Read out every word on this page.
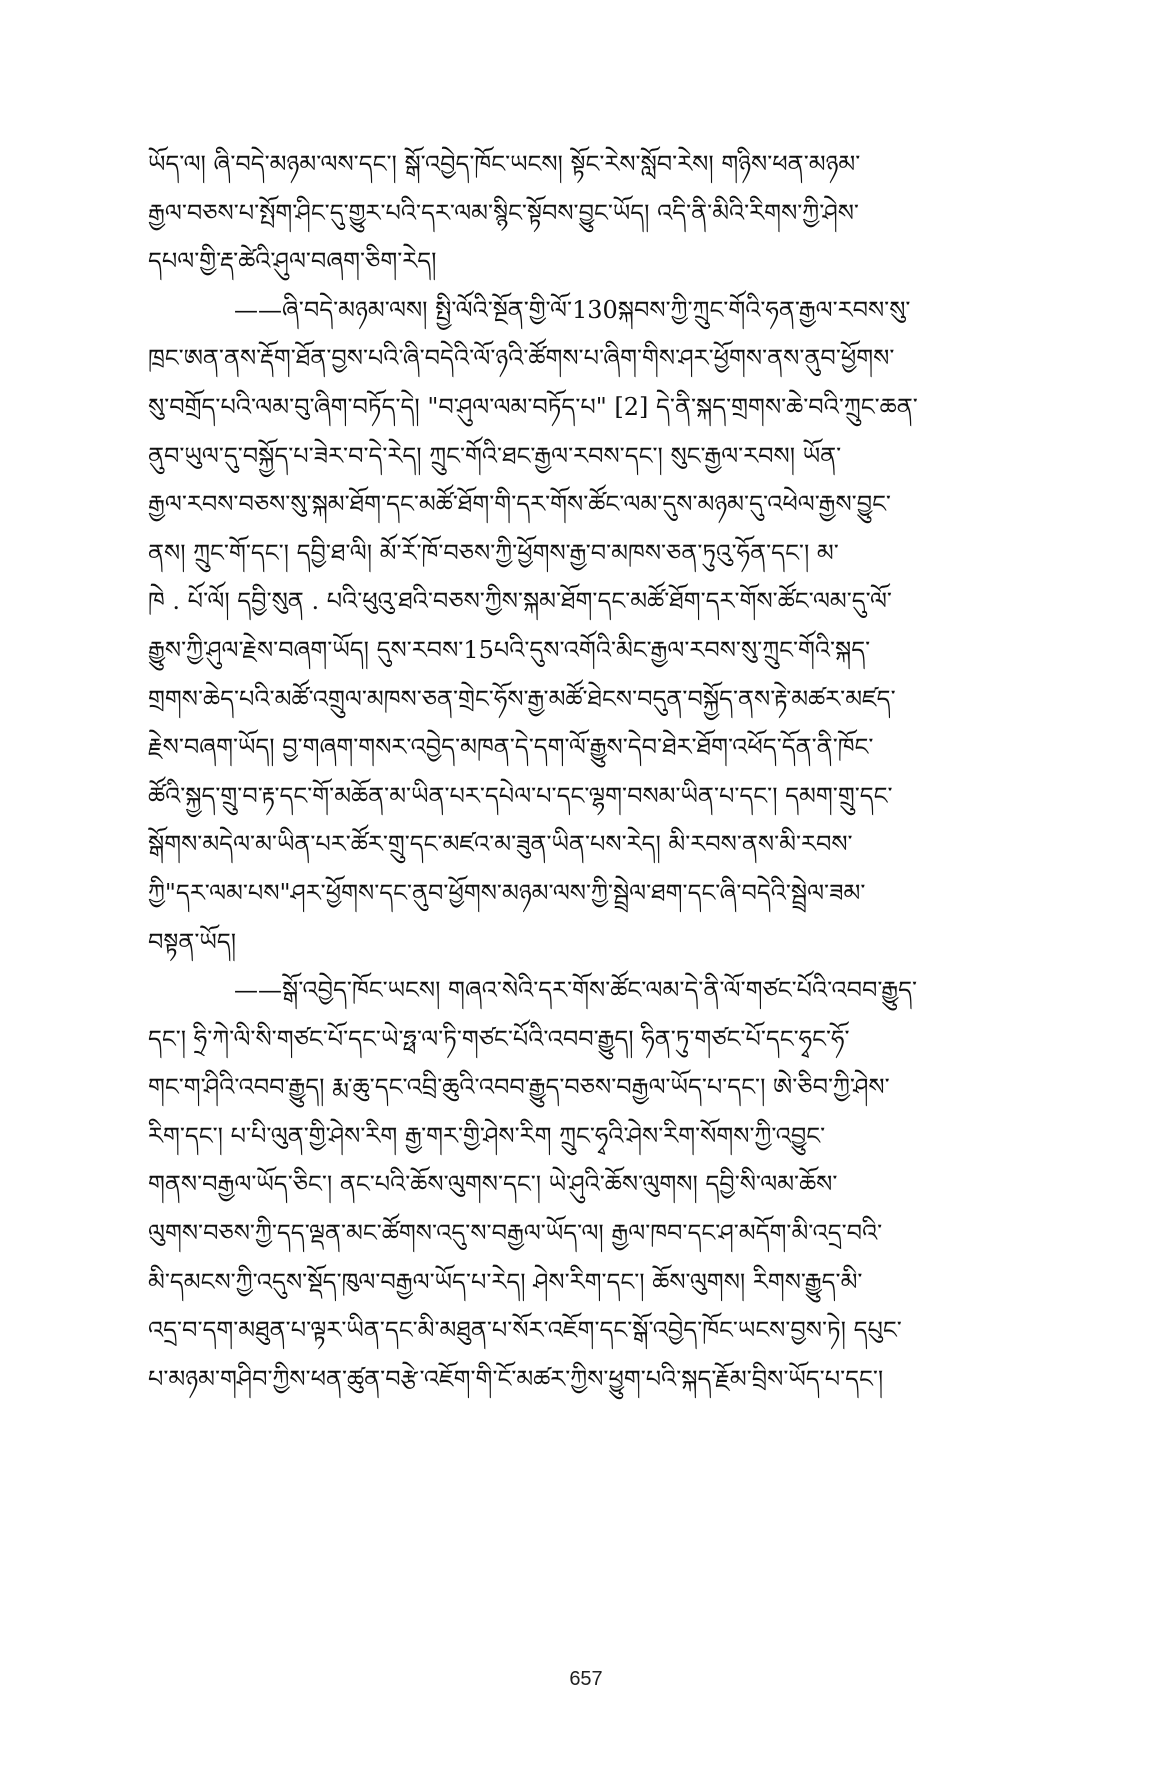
ཡོད་ལ། ཞི་བདེ་མཉམ་ལས་དང་། སྒོ་འབྱེད་ཁོང་ཡངས། སྟོང་རེས་སློབ་རེས། གཉིས་ཕན་མཉམ་
རྒྱལ་བཅས་པ་སྤོག་ཤིང་དུ་གྱུར་པའི་དར་ལམ་སྙིང་སྟོབས་བྱུང་ཡོད། འདི་ནི་མིའི་རིགས་ཀྱི་ཤེས་
དཔལ་གྱི་རྡ་ཚེའི་ཤུལ་བཞག་ཅིག་རེད།
——ཞི་བདེ་མཉམ་ལས། སྤྱི་ལོའི་སྔོན་གྱི་ལོ་130སྐབས་ཀྱི་ཀྲུང་གོའི་ཧན་རྒྱལ་རབས་སུ་
ཁྲང་ཨན་ནས་རྡོག་ཐོན་བྱས་པའི་ཞི་བདེའི་ལོ་ཉའི་ཚོགས་པ་ཞིག་གིས་ཤར་ཕྱོགས་ནས་ནུབ་ཕྱོགས་
སུ་བགྲོད་པའི་ལམ་བུ་ཞིག་བཏོད་དེ། "བ་ཤུལ་ལམ་བཏོད་པ" [2] དེ་ནི་སྐད་གྲགས་ཆེ་བའི་ཀྲུང་ཆན་
ནུབ་ཡུལ་དུ་བསྐྱོད་པ་ཟེར་བ་དེ་རེད། ཀྲུང་གོའི་ཐང་རྒྱལ་རབས་དང་། སུང་རྒྱལ་རབས། ཡོན་
རྒྱལ་རབས་བཅས་སུ་སྐམ་ཐོག་དང་མཚོ་ཐོག་གི་དར་གོས་ཚོང་ལམ་དུས་མཉམ་དུ་འཕེལ་རྒྱས་བྱུང་
ནས། ཀྲུང་གོ་དང་། དབྱི་ཐ་ལི། མོ་རོ་ཁོ་བཅས་ཀྱི་ཕྱོགས་རྒྱ་བ་མཁས་ཅན་ཏུའུ་ཧོན་དང་། མ་
ཁེ . པོ་ལོ། དབྱི་སུན . པའི་ཕུའུ་ཐའི་བཅས་ཀྱིས་སྐམ་ཐོག་དང་མཚོ་ཐོག་དར་གོས་ཚོང་ལམ་དུ་ལོ་
རྒྱུས་ཀྱི་ཤུལ་རྗེས་བཞག་ཡོད། དུས་རབས་15པའི་དུས་འགོའི་མིང་རྒྱལ་རབས་སུ་ཀྲུང་གོའི་སྐད་
གྲགས་ཆེད་པའི་མཚོ་འགྲུལ་མཁས་ཅན་གྲེང་ཧོས་རྒྱ་མཚོ་ཐེངས་བདུན་བསྐྱོད་ནས་རྟེ་མཚར་མཛད་
རྗེས་བཞག་ཡོད། བྱ་གཞག་གསར་འབྱེད་མཁན་དེ་དག་ལོ་རྒྱུས་དེབ་ཐེར་ཐོག་འཕོད་དོན་ནི་ཁོང་
ཚོའི་སྐྱད་གྲུ་བ་རྟ་དང་གོ་མཆོན་མ་ཡིན་པར་དཔེལ་པ་དང་ལྷག་བསམ་ཡིན་པ་དང་། དམག་གྲུ་དང་
སྒོགས་མདེལ་མ་ཡིན་པར་ཚོར་གྲུ་དང་མཛའ་མ་ཟུན་ཡིན་པས་རེད། མི་རབས་ནས་མི་རབས་
ཀྱི"དར་ལམ་པས"ཤར་ཕྱོགས་དང་ནུབ་ཕྱོགས་མཉམ་ལས་ཀྱི་སྦྲེལ་ཐག་དང་ཞི་བདེའི་སྦྲེལ་ཟམ་
བསྟན་ཡོད།
——སྒོ་འབྱེད་ཁོང་ཡངས། གཞའ་སེའི་དར་གོས་ཚོང་ལམ་དེ་ནི་ལོ་གཙང་པོའི་འབབ་རྒྱུད་
དང་། ཧྲི་ཀེ་ལི་སི་གཙང་པོ་དང་ཡེ་ཧྥ་ལ་ཏི་གཙང་པོའི་འབབ་རྒྱུད། ཧིན་ཏུ་གཙང་པོ་དང་ཧྭང་ཧོ་
གང་ག་ཤིའི་འབབ་རྒྱུད། རྨ་ཆུ་དང་འབྲི་ཆུའི་འབབ་རྒྱུད་བཅས་བརྒྱལ་ཡོད་པ་དང་། ཨེ་ཅིབ་ཀྱི་ཤེས་
རིག་དང་། པ་པི་ལུན་གྱི་ཤེས་རིག རྒྱ་གར་གྱི་ཤེས་རིག ཀྲུང་ཧྭའི་ཤེས་རིག་སོགས་ཀྱི་འབྱུང་
གནས་བརྒྱལ་ཡོད་ཅིང་། ནང་པའི་ཆོས་ལུགས་དང་། ཡེ་ཤུའི་ཆོས་ལུགས། དབྱི་སི་ལམ་ཆོས་
ལུགས་བཅས་ཀྱི་དད་ལྡན་མང་ཚོགས་འདུ་ས་བརྒྱལ་ཡོད་ལ། རྒྱལ་ཁབ་དང་ཤ་མདོག་མི་འདྲ་བའི་
མི་དམངས་ཀྱི་འདུས་སྡོད་ཁུལ་བརྒྱལ་ཡོད་པ་རེད། ཤེས་རིག་དང་། ཆོས་ལུགས། རིགས་རྒྱུད་མི་
འདྲ་བ་དག་མཐུན་པ་ལྟར་ཡིན་དང་མི་མཐུན་པ་སོར་འཇོག་དང་སྒོ་འབྱེད་ཁོང་ཡངས་བྱས་ཏེ། དཔུང་
པ་མཉམ་གཤིབ་ཀྱིས་ཕན་ཚུན་བརྩེ་འཇོག་གི་ངོ་མཚར་ཀྱིས་ཕྱུག་པའི་སྐད་རྗོམ་བྲིས་ཡོད་པ་དང་།
657
